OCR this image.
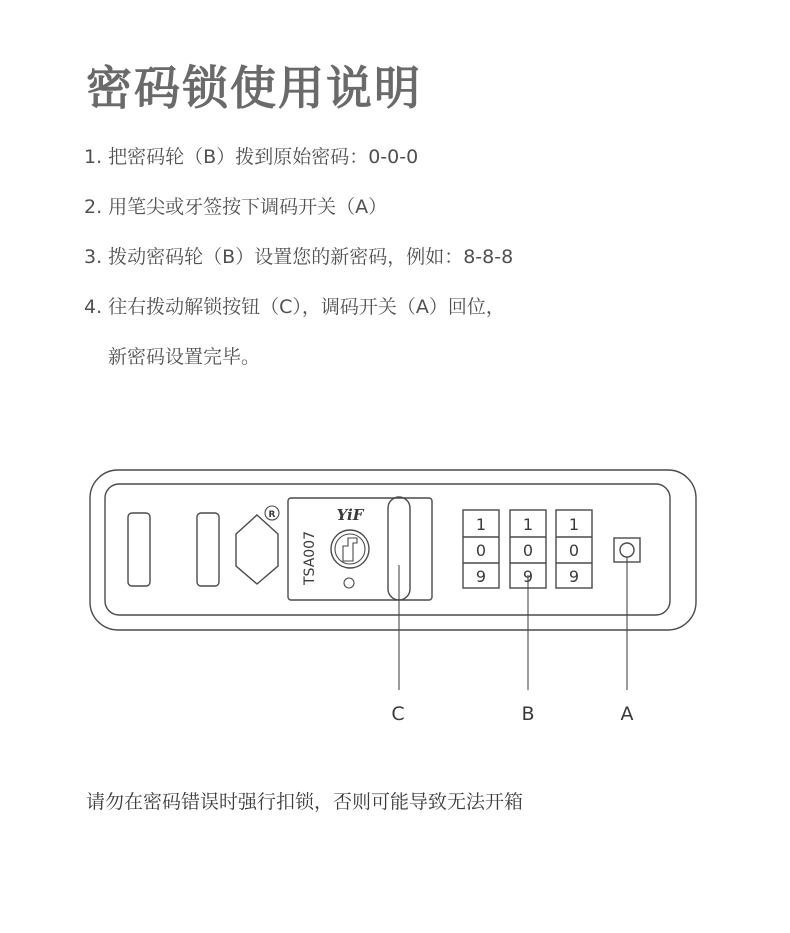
密码锁使用说明
1. 把密码轮（B）拨到原始密码：0-0-0
2. 用笔尖或牙签按下调码开关（A）
3. 拨动密码轮（B）设置您的新密码，例如：8-8-8
4. 往右拨动解锁按钮（C），调码开关（A）回位，
新密码设置完毕。
R	YiF
TSA007
1
0
9
1
0
9
1
0
9
C	B	A
请勿在密码错误时强行扣锁，否则可能导致无法开箱
